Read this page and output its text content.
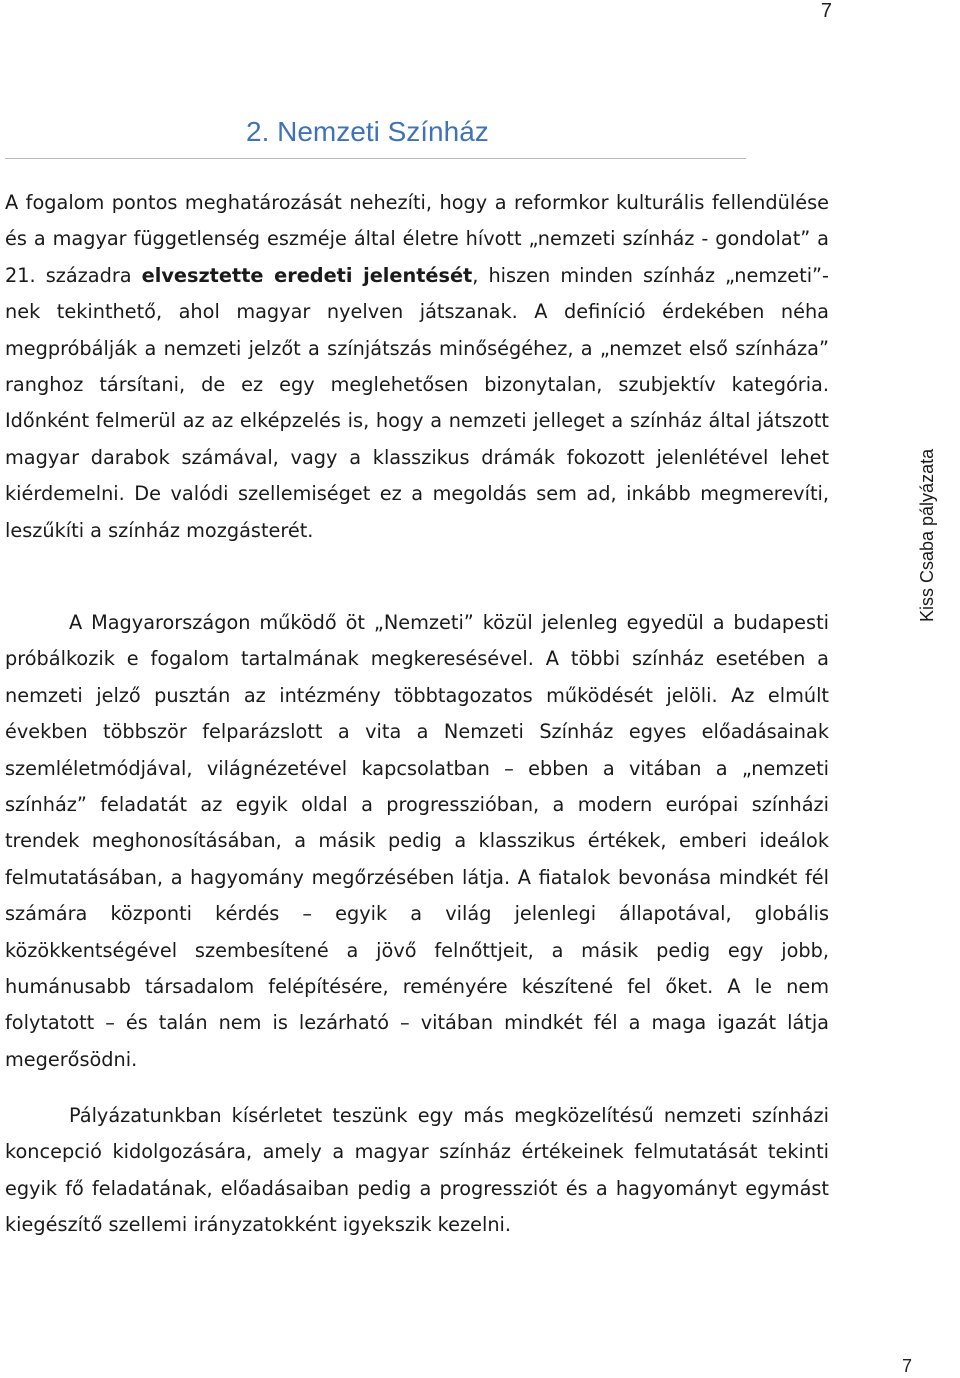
7
2. Nemzeti Színház

A fogalom pontos meghatározását nehezíti, hogy a reformkor kulturális fellendülése és a magyar függetlenség eszméje által életre hívott „nemzeti színház - gondolat” a 21. századra elvesztette eredeti jelentését, hiszen minden színház „nemzeti”-nek tekinthető, ahol magyar nyelven játszanak. A definíció érdekében néha megpróbálják a nemzeti jelzőt a színjátszás minőségéhez, a „nemzet első színháza” ranghoz társítani, de ez egy meglehetősen bizonytalan, szubjektív kategória. Időnként felmerül az az elképzelés is, hogy a nemzeti jelleget a színház által játszott magyar darabok számával, vagy a klasszikus drámák fokozott jelenlétével lehet kiérdemelni. De valódi szellemiséget ez a megoldás sem ad, inkább megmerevíti, leszűkíti a színház mozgásterét.

A Magyarországon működő öt „Nemzeti” közül jelenleg egyedül a budapesti próbálkozik e fogalom tartalmának megkeresésével. A többi színház esetében a nemzeti jelző pusztán az intézmény többtagozatos működését jelöli. Az elmúlt években többször felparázslott a vita a Nemzeti Színház egyes előadásainak szemléletmódjával, világnézetével kapcsolatban – ebben a vitában a „nemzeti színház” feladatát az egyik oldal a progresszióban, a modern európai színházi trendek meghonosításában, a másik pedig a klasszikus értékek, emberi ideálok felmutatásában, a hagyomány megőrzésében látja. A fiatalok bevonása mindkét fél számára központi kérdés – egyik a világ jelenlegi állapotával, globális közökkentségével szembesítené a jövő felnőttjeit, a másik pedig egy jobb, humánusabb társadalom felépítésére, reményére készítené fel őket. A le nem folytatott – és talán nem is lezárható – vitában mindkét fél a maga igazát látja megerősödni.

Pályázatunkban kísérletet teszünk egy más megközelítésű nemzeti színházi koncepció kidolgozására, amely a magyar színház értékeinek felmutatását tekinti egyik fő feladatának, előadásaiban pedig a progressziót és a hagyományt egymást kiegészítő szellemi irányzatokként igyekszik kezelni.

Kiss Csaba pályázata
7
